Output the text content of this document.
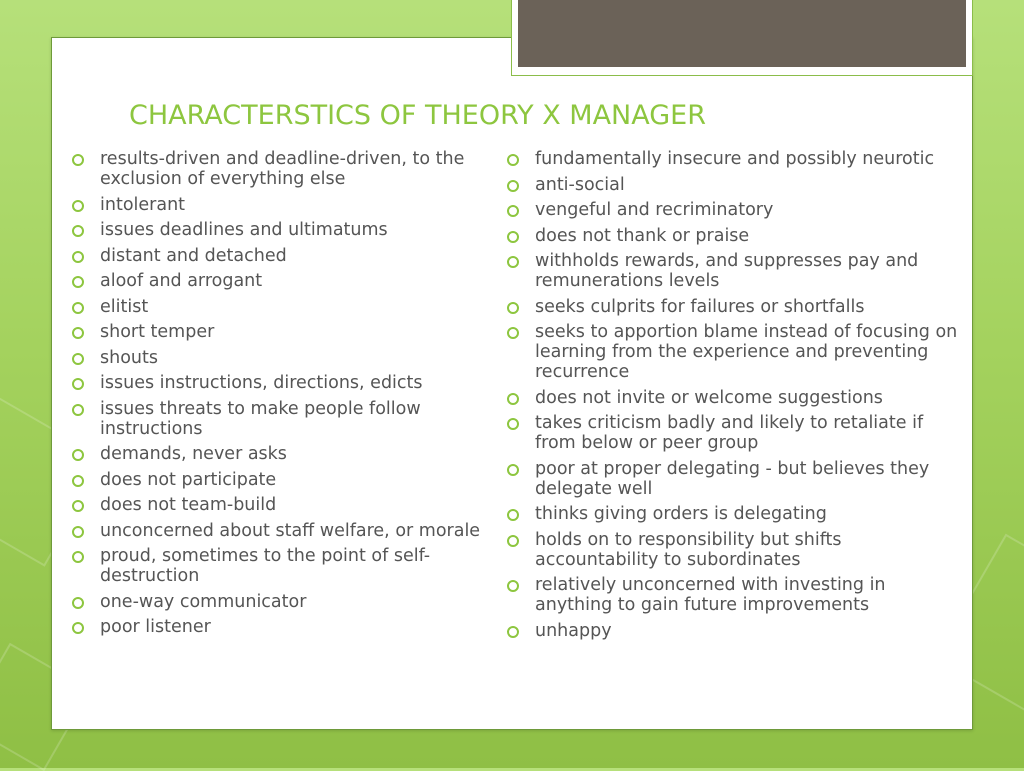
CHARACTERSTICS OF THEORY X MANAGER
results-driven and deadline-driven, to the exclusion of everything else
intolerant
issues deadlines and ultimatums
distant and detached
aloof and arrogant
elitist
short temper
shouts
issues instructions, directions, edicts
issues threats to make people follow instructions
demands, never asks
does not participate
does not team-build
unconcerned about staff welfare, or morale
proud, sometimes to the point of self-destruction
one-way communicator
poor listener
fundamentally insecure and possibly neurotic
anti-social
vengeful and recriminatory
does not thank or praise
withholds rewards, and suppresses pay and remunerations levels
seeks culprits for failures or shortfalls
seeks to apportion blame instead of focusing on learning from the experience and preventing recurrence
does not invite or welcome suggestions
takes criticism badly and likely to retaliate if from below or peer group
poor at proper delegating - but believes they delegate well
thinks giving orders is delegating
holds on to responsibility but shifts accountability to subordinates
relatively unconcerned with investing in anything to gain future improvements
unhappy
